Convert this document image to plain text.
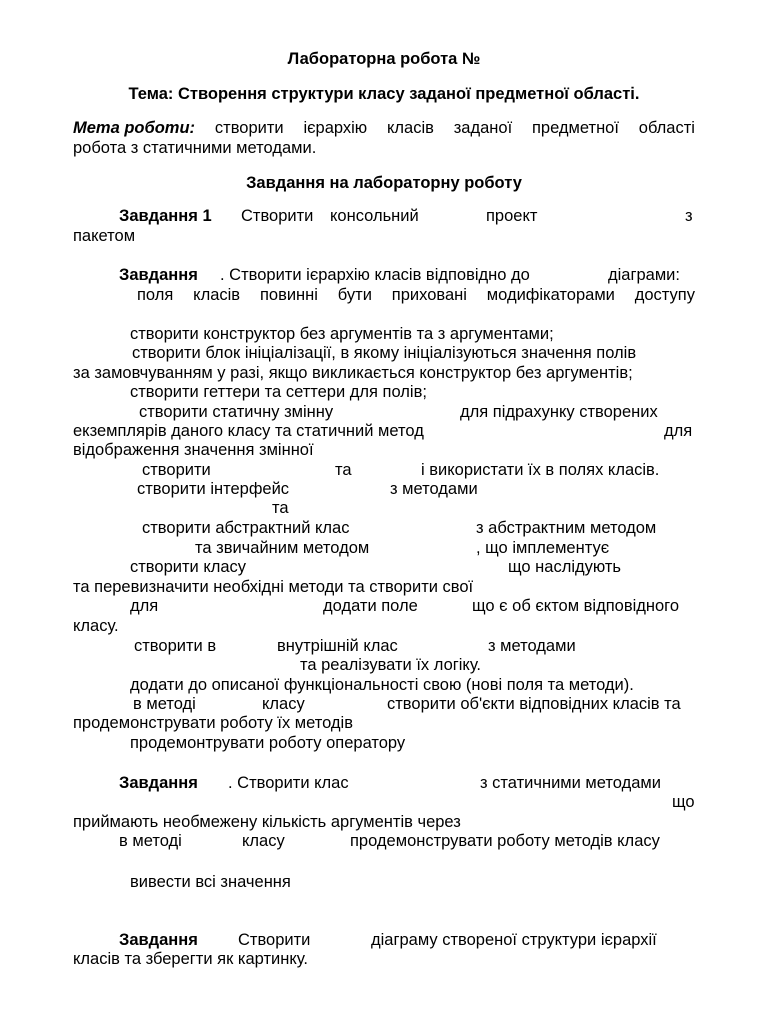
Лабораторна робота №
Тема: Створення структури класу заданої предметної області.
Мета роботи: створити ієрархію класів заданої предметної області
робота з статичними методами.
Завдання на лабораторну роботу
Завдання 1 Створити консольний	проект	з
пакетом
Завдання . Створити ієрархію класів відповідно до	діаграми:
поля класів повинні бути приховані модифікаторами доступу
створити конструктор без аргументів та з аргументами;
створити блок ініціалізації, в якому ініціалізуються значення полів
за замовчуванням у разі, якщо викликається конструктор без аргументів;
створити геттери та сеттери для полів;
створити статичну змінну	для підрахунку створених
екземплярів даного класу та статичний метод	для
відображення значення змінної
створити	та	і використати їх в полях класів.
створити інтерфейс	з методами
та
створити абстрактний клас	з абстрактним методом
та звичайним методом	, що імплементує
створити класу	що наслідують
та перевизначити необхідні методи та створити свої
для	додати поле	що є об єктом відповідного
класу.
створити в	внутрішній клас	з методами
та реалізувати їх логіку.
додати до описаної функціональності свою (нові поля та методи).
в методі	класу	створити об'єкти відповідних класів та
продемонструвати роботу їх методів
продемонтрувати роботу оператору
Завдання . Створити клас	з статичними методами
що
приймають необмежену кількість аргументів через
в методі	класу	продемонструвати роботу методів класу
вивести всі значення
Завдання Створити	діаграму створеної структури ієрархії
класів та зберегти як картинку.
